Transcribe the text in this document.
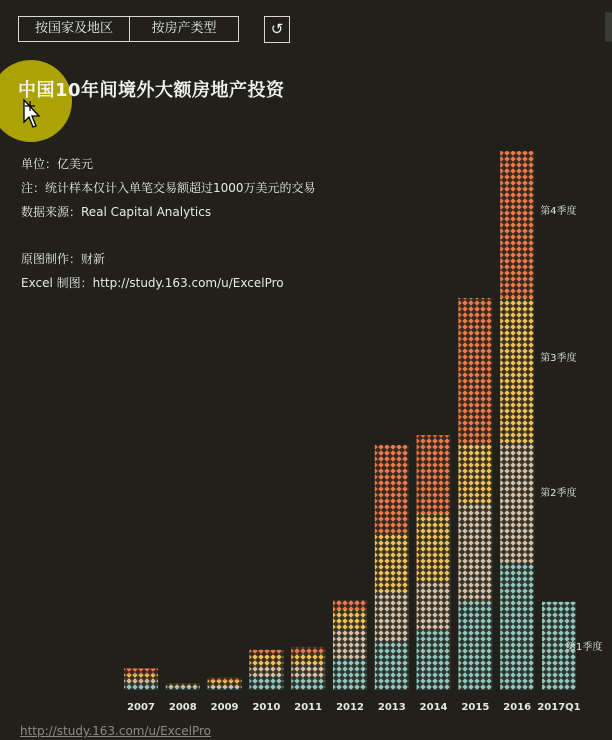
按国家及地区	按房产类型	↺
中国10年间境外大额房地产投资
单位：亿美元
注：统计样本仅计入单笔交易额超过1000万美元的交易
数据来源：Real Capital Analytics
原图制作：财新
Excel 制图：http://study.163.com/u/ExcelPro
2007 2008 2009 2010 2011 2012 2013 2014 2015 2016 2017Q1
第2季度
第3季度
第4季度
第1季度
http://study.163.com/u/ExcelPro
